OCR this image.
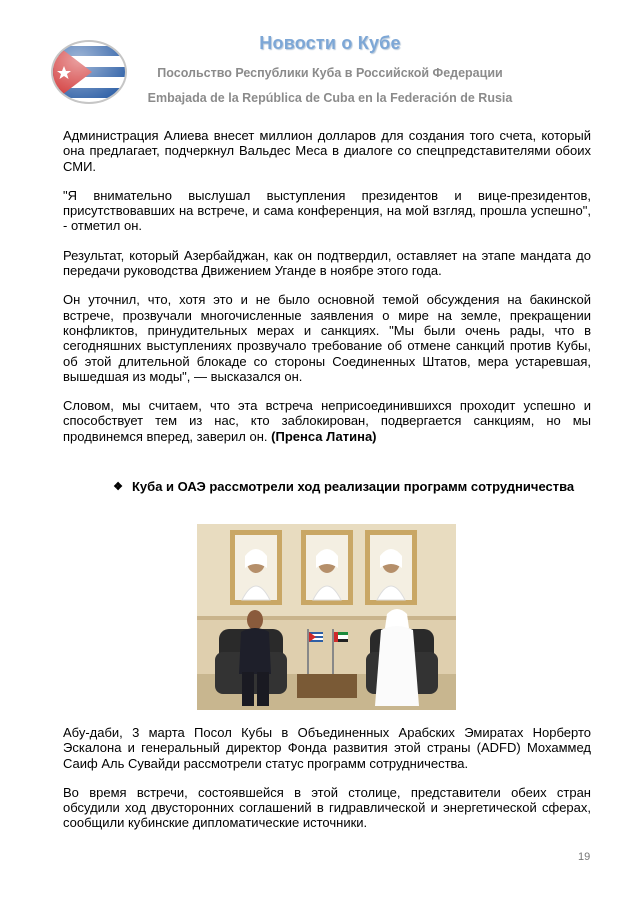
Новости о Кубе
Посольство Республики Куба в Российской Федерации
Embajada de la República de Cuba en la Federación de Rusia

Администрация Алиева внесет миллион долларов для создания того счета, который она предлагает, подчеркнул Вальдес Меса в диалоге со спецпредставителями обоих СМИ.

"Я внимательно выслушал выступления президентов и вице-президентов, присутствовавших на встрече, и сама конференция, на мой взгляд, прошла успешно", - отметил он.

Результат, который Азербайджан, как он подтвердил, оставляет на этапе мандата до передачи руководства Движением Уганде в ноябре этого года.

Он уточнил, что, хотя это и не было основной темой обсуждения на бакинской встрече, прозвучали многочисленные заявления о мире на земле, прекращении конфликтов, принудительных мерах и санкциях. "Мы были очень рады, что в сегодняшних выступлениях прозвучало требование об отмене санкций против Кубы, об этой длительной блокаде со стороны Соединенных Штатов, мера устаревшая, вышедшая из моды", — высказался он.

Словом, мы считаем, что эта встреча неприсоединившихся проходит успешно и способствует тем из нас, кто заблокирован, подвергается санкциям, но мы продвинемся вперед, заверил он. (Пренса Латина)

❖ Куба и ОАЭ рассмотрели ход реализации программ сотрудничества

Абу-даби, 3 марта Посол Кубы в Объединенных Арабских Эмиратах Норберто Эскалона и генеральный директор Фонда развития этой страны (ADFD) Мохаммед Саиф Аль Сувайди рассмотрели статус программ сотрудничества.

Во время встречи, состоявшейся в этой столице, представители обеих стран обсудили ход двусторонних соглашений в гидравлической и энергетической сферах, сообщили кубинские дипломатические источники.

19
